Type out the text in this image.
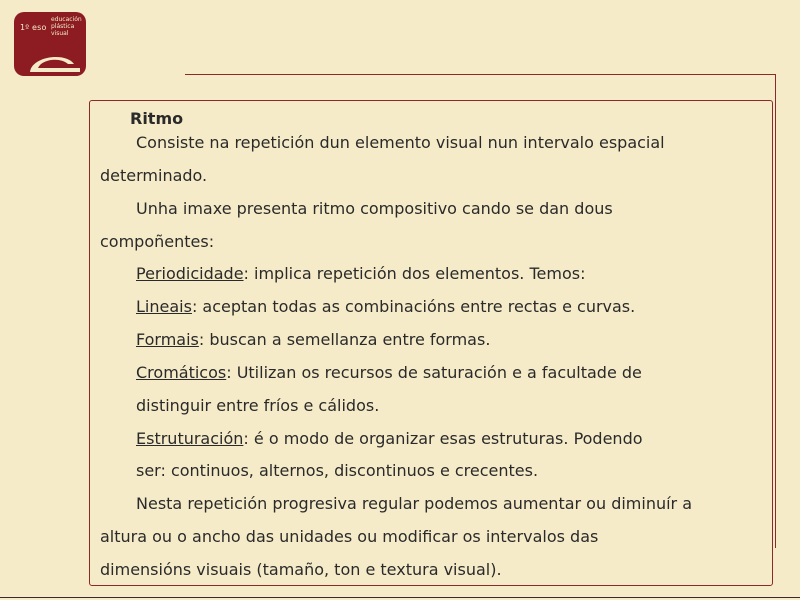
1º eso
educación
plástica
visual
Ritmo
Consiste na repetición dun elemento visual nun intervalo espacial
determinado.
Unha imaxe presenta ritmo compositivo cando se dan dous
compoñentes:
Periodicidade: implica repetición dos elementos. Temos:
Lineais: aceptan todas as combinacións entre rectas e curvas.
Formais: buscan a semellanza entre formas.
Cromáticos: Utilizan os recursos de saturación e a facultade de
distinguir entre fríos e cálidos.
Estruturación: é o modo de organizar esas estruturas. Podendo
ser: continuos, alternos, discontinuos e crecentes.
Nesta repetición progresiva regular podemos aumentar ou diminuír a
altura ou o ancho das unidades ou modificar os intervalos das
dimensións visuais (tamaño, ton e textura visual).
